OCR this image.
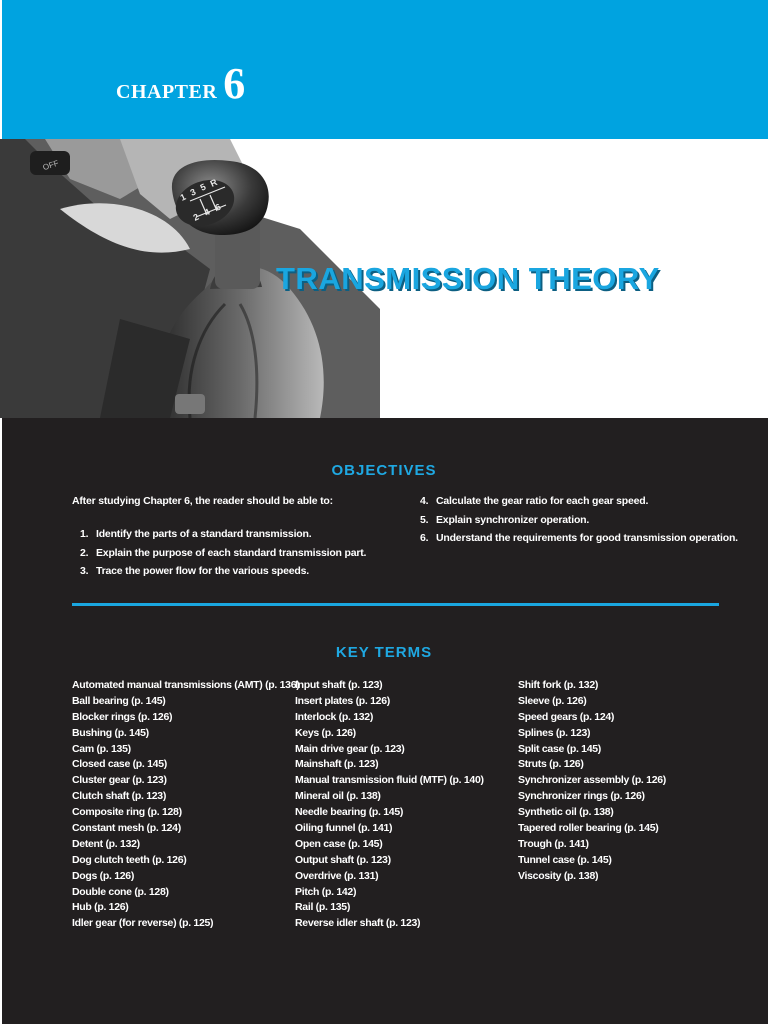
CHAPTER 6
TRANSMISSION THEORY
OBJECTIVES
After studying Chapter 6, the reader should be able to:
1. Identify the parts of a standard transmission.
2. Explain the purpose of each standard transmission part.
3. Trace the power flow for the various speeds.
4. Calculate the gear ratio for each gear speed.
5. Explain synchronizer operation.
6. Understand the requirements for good transmission operation.
KEY TERMS
Automated manual transmissions (AMT) (p. 136)
Ball bearing (p. 145)
Blocker rings (p. 126)
Bushing (p. 145)
Cam (p. 135)
Closed case (p. 145)
Cluster gear (p. 123)
Clutch shaft (p. 123)
Composite ring (p. 128)
Constant mesh (p. 124)
Detent (p. 132)
Dog clutch teeth (p. 126)
Dogs (p. 126)
Double cone (p. 128)
Hub (p. 126)
Idler gear (for reverse) (p. 125)
Input shaft (p. 123)
Insert plates (p. 126)
Interlock (p. 132)
Keys (p. 126)
Main drive gear (p. 123)
Mainshaft (p. 123)
Manual transmission fluid (MTF) (p. 140)
Mineral oil (p. 138)
Needle bearing (p. 145)
Oiling funnel (p. 141)
Open case (p. 145)
Output shaft (p. 123)
Overdrive (p. 131)
Pitch (p. 142)
Rail (p. 135)
Reverse idler shaft (p. 123)
Shift fork (p. 132)
Sleeve (p. 126)
Speed gears (p. 124)
Splines (p. 123)
Split case (p. 145)
Struts (p. 126)
Synchronizer assembly (p. 126)
Synchronizer rings (p. 126)
Synthetic oil (p. 138)
Tapered roller bearing (p. 145)
Trough (p. 141)
Tunnel case (p. 145)
Viscosity (p. 138)
